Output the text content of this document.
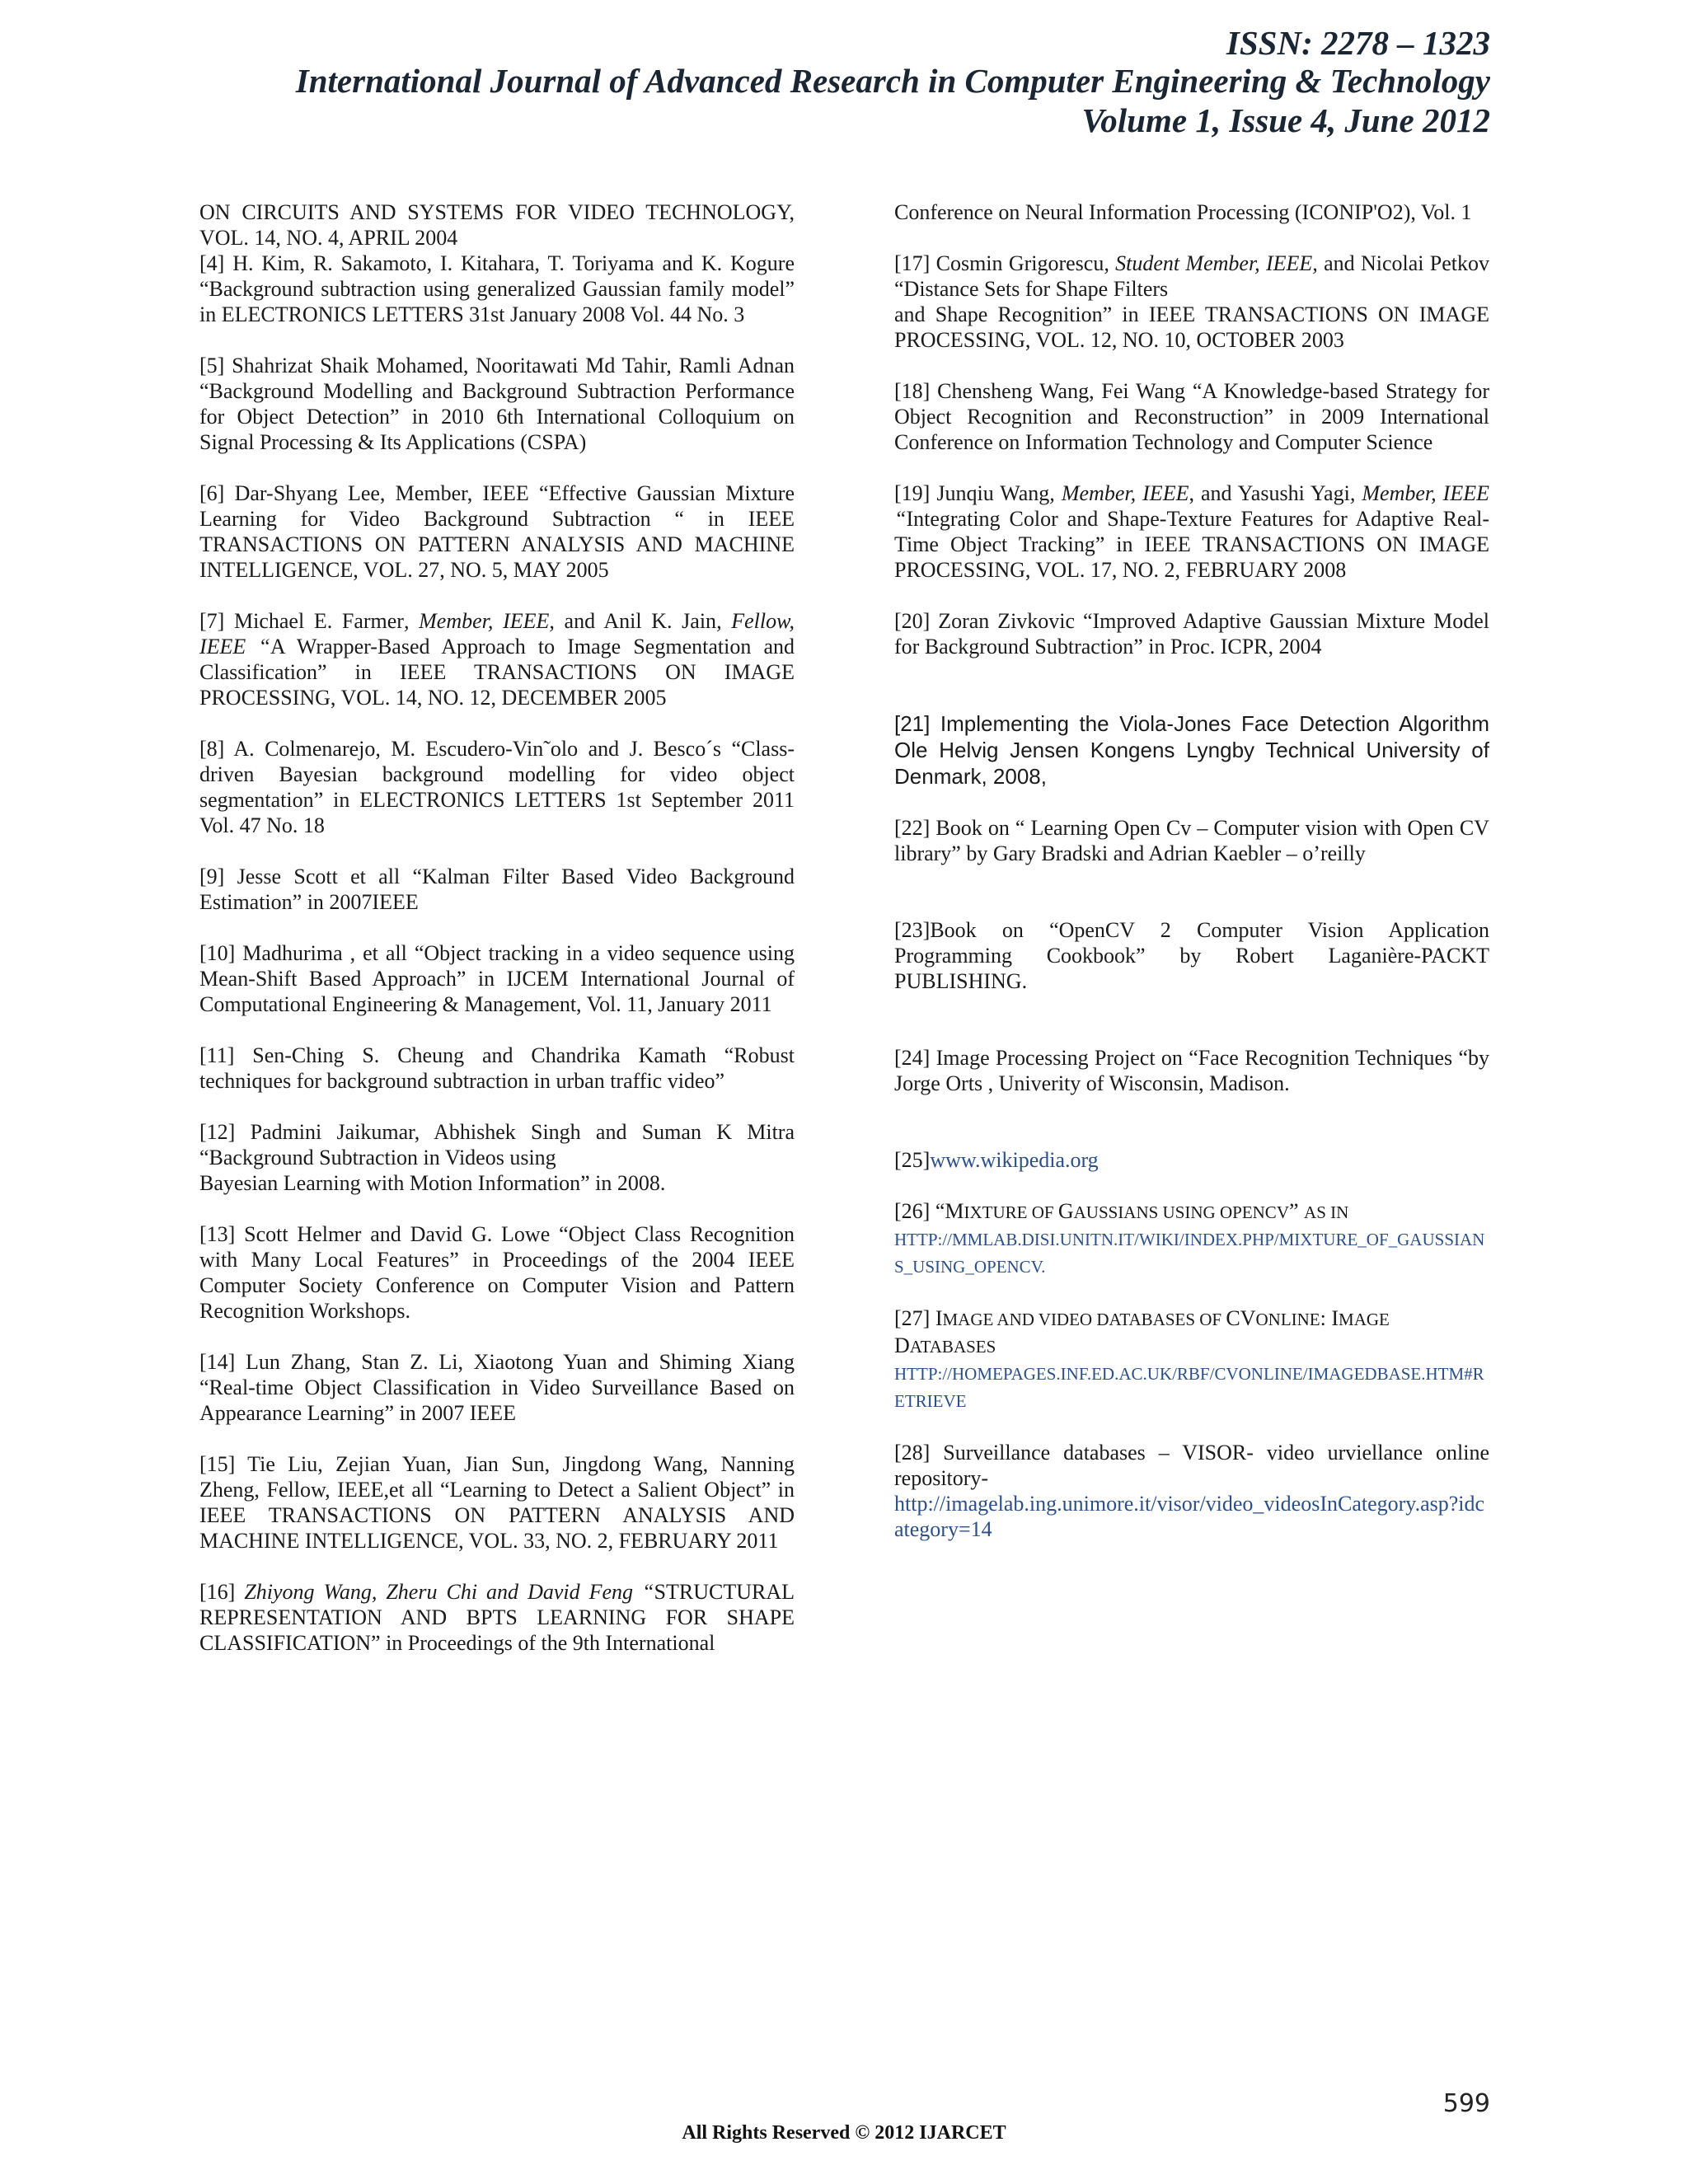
ISSN: 2278 – 1323
International Journal of Advanced Research in Computer Engineering & Technology
Volume 1, Issue 4, June 2012
ON CIRCUITS AND SYSTEMS FOR VIDEO TECHNOLOGY, VOL. 14, NO. 4, APRIL 2004
[4] H. Kim, R. Sakamoto, I. Kitahara, T. Toriyama and K. Kogure “Background subtraction using generalized Gaussian family model” in ELECTRONICS LETTERS 31st January 2008 Vol. 44 No. 3
[5] Shahrizat Shaik Mohamed, Nooritawati Md Tahir, Ramli Adnan “Background Modelling and Background Subtraction Performance for Object Detection” in 2010 6th International Colloquium on Signal Processing & Its Applications (CSPA)
[6] Dar-Shyang Lee, Member, IEEE “Effective Gaussian Mixture Learning for Video Background Subtraction “ in IEEE TRANSACTIONS ON PATTERN ANALYSIS AND MACHINE INTELLIGENCE, VOL. 27, NO. 5, MAY 2005
[7] Michael E. Farmer, Member, IEEE, and Anil K. Jain, Fellow, IEEE “A Wrapper-Based Approach to Image Segmentation and Classification” in IEEE TRANSACTIONS ON IMAGE PROCESSING, VOL. 14, NO. 12, DECEMBER 2005
[8] A. Colmenarejo, M. Escudero-Vin˜olo and J. Besco´s “Class-driven Bayesian background modelling for video object segmentation” in ELECTRONICS LETTERS 1st September 2011 Vol. 47 No. 18
[9] Jesse Scott et all “Kalman Filter Based Video Background Estimation” in 2007IEEE
[10] Madhurima , et all “Object tracking in a video sequence using Mean-Shift Based Approach” in IJCEM International Journal of Computational Engineering & Management, Vol. 11, January 2011
[11] Sen-Ching S. Cheung and Chandrika Kamath “Robust techniques for background subtraction in urban traffic video”
[12] Padmini Jaikumar, Abhishek Singh and Suman K Mitra “Background Subtraction in Videos using
Bayesian Learning with Motion Information” in 2008.
[13] Scott Helmer and David G. Lowe “Object Class Recognition with Many Local Features” in Proceedings of the 2004 IEEE Computer Society Conference on Computer Vision and Pattern Recognition Workshops.
[14] Lun Zhang, Stan Z. Li, Xiaotong Yuan and Shiming Xiang “Real-time Object Classification in Video Surveillance Based on Appearance Learning” in 2007 IEEE
[15] Tie Liu, Zejian Yuan, Jian Sun, Jingdong Wang, Nanning Zheng, Fellow, IEEE,et all “Learning to Detect a Salient Object” in IEEE TRANSACTIONS ON PATTERN ANALYSIS AND MACHINE INTELLIGENCE, VOL. 33, NO. 2, FEBRUARY 2011
[16] Zhiyong Wang, Zheru Chi and David Feng “STRUCTURAL REPRESENTATION AND BPTS LEARNING FOR SHAPE CLASSIFICATION” in Proceedings of the 9th International
Conference on Neural Information Processing (ICONIP'O2), Vol. 1
[17] Cosmin Grigorescu, Student Member, IEEE, and Nicolai Petkov “Distance Sets for Shape Filters
and Shape Recognition” in IEEE TRANSACTIONS ON IMAGE PROCESSING, VOL. 12, NO. 10, OCTOBER 2003
[18] Chensheng Wang, Fei Wang “A Knowledge-based Strategy for Object Recognition and Reconstruction” in 2009 International Conference on Information Technology and Computer Science
[19] Junqiu Wang, Member, IEEE, and Yasushi Yagi, Member, IEEE “Integrating Color and Shape-Texture Features for Adaptive Real-Time Object Tracking” in IEEE TRANSACTIONS ON IMAGE PROCESSING, VOL. 17, NO. 2, FEBRUARY 2008
[20] Zoran Zivkovic “Improved Adaptive Gaussian Mixture Model for Background Subtraction” in Proc. ICPR, 2004
[21] Implementing the Viola-Jones Face Detection Algorithm Ole Helvig Jensen Kongens Lyngby Technical University of Denmark, 2008,
[22] Book on “ Learning Open Cv – Computer vision with Open CV library” by Gary Bradski and Adrian Kaebler – o’reilly
[23]Book on “OpenCV 2 Computer Vision Application Programming Cookbook” by Robert Laganière-PACKT PUBLISHING.
[24] Image Processing Project on “Face Recognition Techniques “by Jorge Orts , Univerity of Wisconsin, Madison.
[25]www.wikipedia.org
[26] “MIXTURE OF GAUSSIANS USING OPENCV” AS IN
HTTP://MMLAB.DISI.UNITN.IT/WIKI/INDEX.PHP/MIXTURE_OF_GAUSSIANS_USING_OPENCV.
[27] IMAGE AND VIDEO DATABASES OF CVONLINE: IMAGE
DATABASES
HTTP://HOMEPAGES.INF.ED.AC.UK/RBF/CVONLINE/IMAGEDBASE.HTM#RETRIEVE
[28] Surveillance databases – VISOR- video urviellance online repository-
http://imagelab.ing.unimore.it/visor/video_videosInCategory.asp?idcategory=14
599
All Rights Reserved © 2012 IJARCET
